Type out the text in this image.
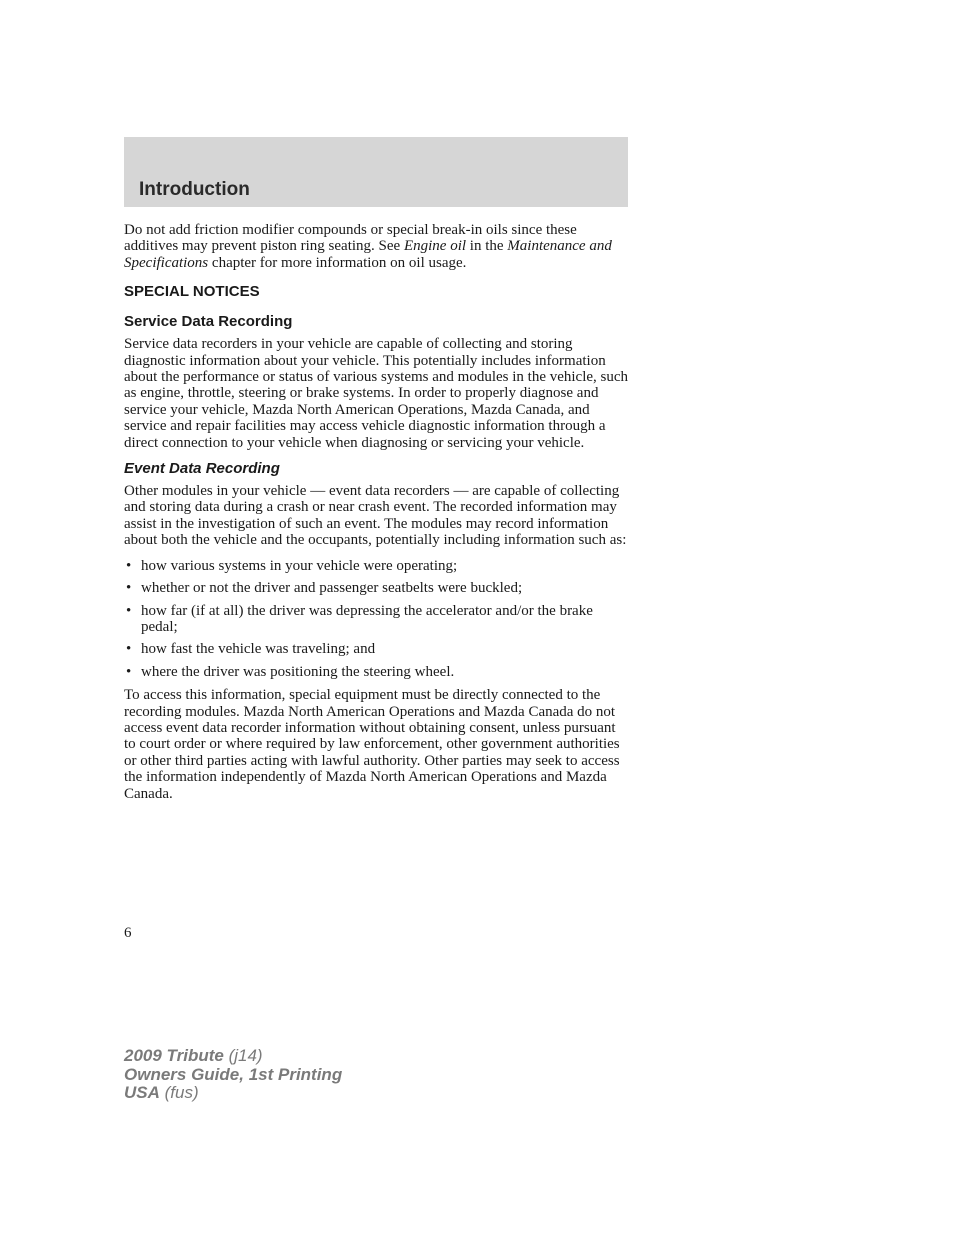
Introduction

Do not add friction modifier compounds or special break-in oils since these additives may prevent piston ring seating. See Engine oil in the Maintenance and Specifications chapter for more information on oil usage.

SPECIAL NOTICES
Service Data Recording

Service data recorders in your vehicle are capable of collecting and storing diagnostic information about your vehicle. This potentially includes information about the performance or status of various systems and modules in the vehicle, such as engine, throttle, steering or brake systems. In order to properly diagnose and service your vehicle, Mazda North American Operations, Mazda Canada, and service and repair facilities may access vehicle diagnostic information through a direct connection to your vehicle when diagnosing or servicing your vehicle.

Event Data Recording

Other modules in your vehicle — event data recorders — are capable of collecting and storing data during a crash or near crash event. The recorded information may assist in the investigation of such an event. The modules may record information about both the vehicle and the occupants, potentially including information such as:

• how various systems in your vehicle were operating;
• whether or not the driver and passenger seatbelts were buckled;
• how far (if at all) the driver was depressing the accelerator and/or the brake pedal;
• how fast the vehicle was traveling; and
• where the driver was positioning the steering wheel.

To access this information, special equipment must be directly connected to the recording modules. Mazda North American Operations and Mazda Canada do not access event data recorder information without obtaining consent, unless pursuant to court order or where required by law enforcement, other government authorities or other third parties acting with lawful authority. Other parties may seek to access the information independently of Mazda North American Operations and Mazda Canada.

6
2009 Tribute (j14)
Owners Guide, 1st Printing
USA (fus)
